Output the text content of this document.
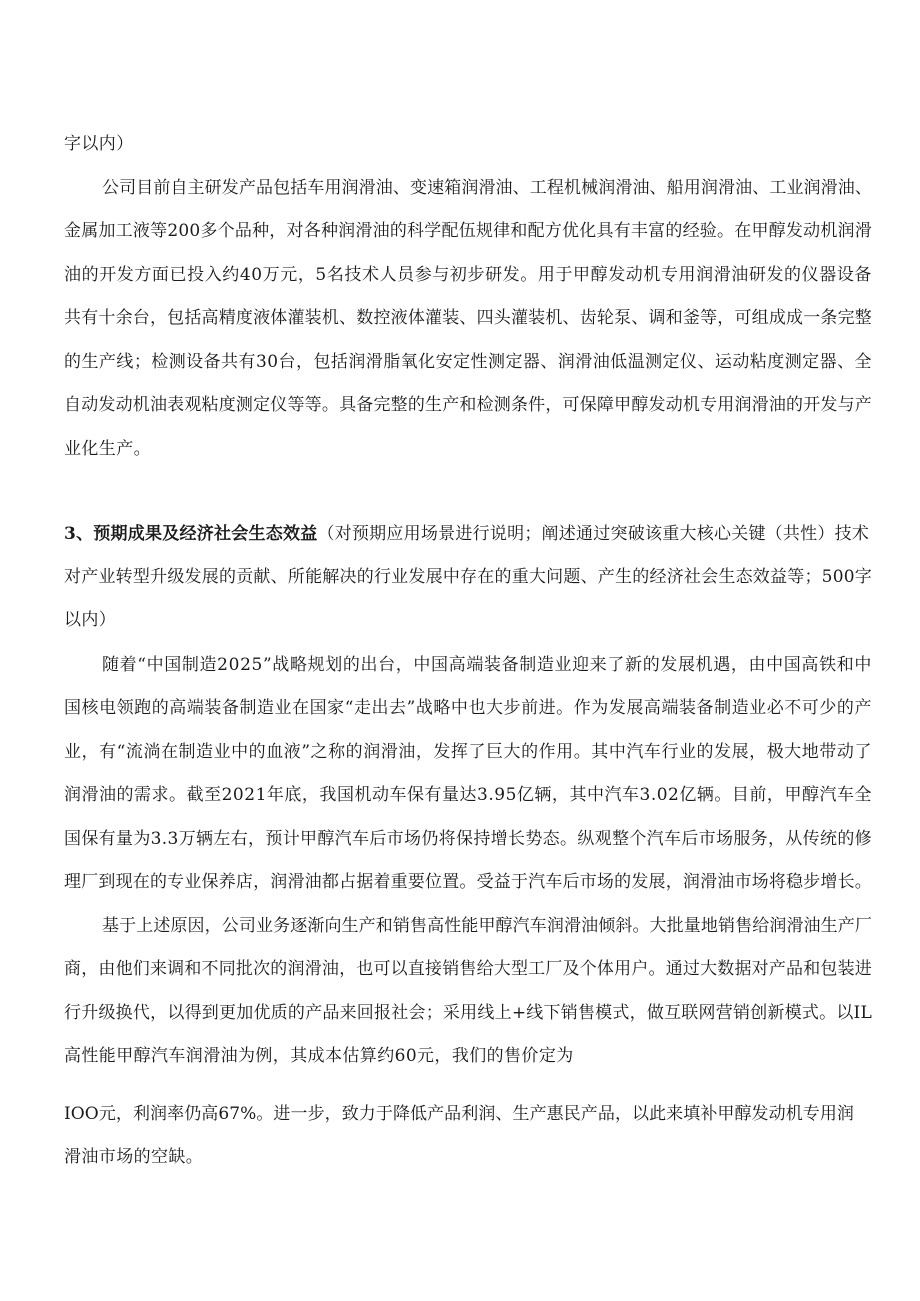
字以内）
公司目前自主研发产品包括车用润滑油、变速箱润滑油、工程机械润滑油、船用润滑油、工业润滑油、
金属加工液等200多个品种，对各种润滑油的科学配伍规律和配方优化具有丰富的经验。在甲醇发动机润滑
油的开发方面已投入约40万元，5名技术人员参与初步研发。用于甲醇发动机专用润滑油研发的仪器设备
共有十余台，包括高精度液体灌装机、数控液体灌装、四头灌装机、齿轮泵、调和釜等，可组成成一条完整
的生产线；检测设备共有30台，包括润滑脂氧化安定性测定器、润滑油低温测定仪、运动粘度测定器、全
自动发动机油表观粘度测定仪等等。具备完整的生产和检测条件，可保障甲醇发动机专用润滑油的开发与产
业化生产。
3、预期成果及经济社会生态效益（对预期应用场景进行说明；阐述通过突破该重大核心关键（共性）技术
对产业转型升级发展的贡献、所能解决的行业发展中存在的重大问题、产生的经济社会生态效益等；500字
以内）
随着“中国制造2025”战略规划的出台，中国高端装备制造业迎来了新的发展机遇，由中国高铁和中
国核电领跑的高端装备制造业在国家“走出去”战略中也大步前进。作为发展高端装备制造业必不可少的产
业，有“流淌在制造业中的血液”之称的润滑油，发挥了巨大的作用。其中汽车行业的发展，极大地带动了
润滑油的需求。截至2021年底，我国机动车保有量达3.95亿辆，其中汽车3.02亿辆。目前，甲醇汽车全
国保有量为3.3万辆左右，预计甲醇汽车后市场仍将保持增长势态。纵观整个汽车后市场服务，从传统的修
理厂到现在的专业保养店，润滑油都占据着重要位置。受益于汽车后市场的发展，润滑油市场将稳步增长。
基于上述原因，公司业务逐渐向生产和销售高性能甲醇汽车润滑油倾斜。大批量地销售给润滑油生产厂
商，由他们来调和不同批次的润滑油，也可以直接销售给大型工厂及个体用户。通过大数据对产品和包装进
行升级换代，以得到更加优质的产品来回报社会；采用线上+线下销售模式，做互联网营销创新模式。以IL
高性能甲醇汽车润滑油为例，其成本估算约60元，我们的售价定为
IOO元，利润率仍高67%。进一步，致力于降低产品利润、生产惠民产品，以此来填补甲醇发动机专用润
滑油市场的空缺。
